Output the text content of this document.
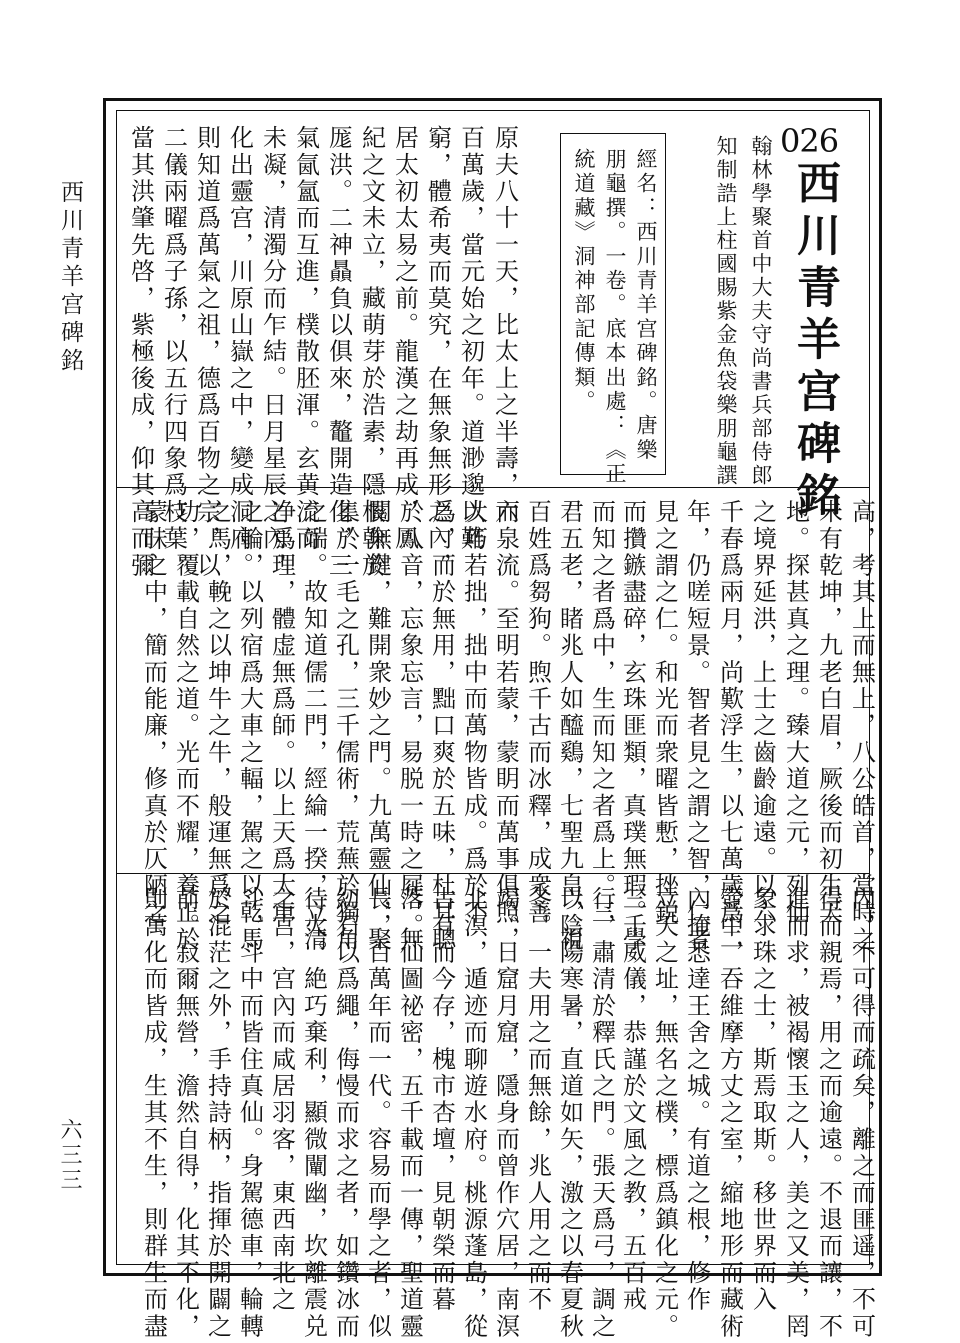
西川青羊宫碑銘
六三三
026
西川青羊宫碑銘
翰林學聚首中大夫守尚書兵部侍郎
知制誥上柱國賜紫金魚袋樂朋龜譔
經名：西川青羊宫碑銘。唐樂
朋龜撰。一卷。底本出處：《正
統道藏》洞神部記傳類。
原夫八十一天，比太上之半壽，六
百萬歲，當元始之初年。道渺邈以難
窮，體希夷而莫究，在無象無形之內，
居太初太易之前。龍漢之劫再成，鳳
紀之文未立，藏萌芽於浩素，隱根榦於
厖洪。二神贔負以俱來，鼇開造化，三
氣氤氳而互進，樸散胚渾。玄黄流而
未凝，清濁分而乍結。日月星辰之內，
化出靈宫，川原山嶽之中，變成洞府。
則知道爲萬氣之祖，德爲百物之宗，以
二儀兩曜爲子孫，以五行四象爲枝葉。
當其洪肇先啓，紫極後成，仰其高而彌
高，考其上而無上，八公皓首，當時之
未有乾坤，九老白眉，厥後而初生天
地。探甚真之理。臻大道之元，列仙
之境界延洪，上士之齒齡逾遠。以六
千春爲兩月，尚歎浮生，以七萬歲爲二
年，仍嗟短景。智者見之謂之智，仁者
見之謂之仁。和光而衆曜皆慙，挫鋭
而攢鏃盡碎，玄珠匪類，真璞無瑕。學
而知之者爲中，生而知之者爲上。三
君五老，睹兆人如醯鷄，七聖九皇，視
百姓爲芻狗。煦千古而冰釋，成衆善
而泉流。至明若蒙，蒙眀而萬事俱照，
大巧若拙，拙中而萬物皆成。爲於不
爲，而於無用，黜口爽於五味，杜耳聰
於八音，忘象忘言，易脱一時之屣，無
關無鍵，難開衆妙之門。九萬靈仙，聚
集於一毛之孔，三千儒術，荒蕪於獨角
之端。故知道儒二門，經綸一揆，立清
净爲理，體虚無爲師。以上天爲大車
之輪，以列宿爲大車之輻，駕之以乾馬
之馬，輓之以坤牛之牛，般運無爲之
功，覆載自然之道。光而不耀，養正於
蒙昧之中，簡而能廉，修真於仄陋之
內，不可得而疏矣，離之而匪遥，不可
得而親焉，用之而逾遠。不退而讓，不
進而求，被褐懷玉之人，美之又美，罔
象求珠之士，斯焉取斯。移世界而入
壺中，吞維摩方丈之室，縮地形而藏術
內掩悉達王舍之城。有道之根，修作
立天之址，無名之樸，標爲鎮化之元。
三千威儀，恭謹於文風之教，五百戒
行，肅清於釋氏之門。張天爲弓，調之
以陰陽寒暑，直道如矢，激之以春夏秋
冬。一夫用之而無餘，兆人用之而不
竭。日窟月窟，隱身而曾作穴居，南溟
北溟，遁迹而聊遊水府。桃源蓬島，從
古有而今存，槐市杏壇，見朝榮而暮
落。仙圖祕密，五千載而一傳，聖道靈
長，百萬年而一代。容易而學之者，似
紉石以爲繩，侮慢而求之者，如鑽冰而
待火。絶巧棄利，顯微闡幽，坎離震兑
之宫，宫內而咸居羽客，東西南北之
斗，斗中而皆住真仙。身駕德車，輪轉
於混茫之外，手持詩柄，指揮於開闢之
前。寂爾無營，澹然自得，化其不化，
則萬化而皆成，生其不生，則群生而盡
